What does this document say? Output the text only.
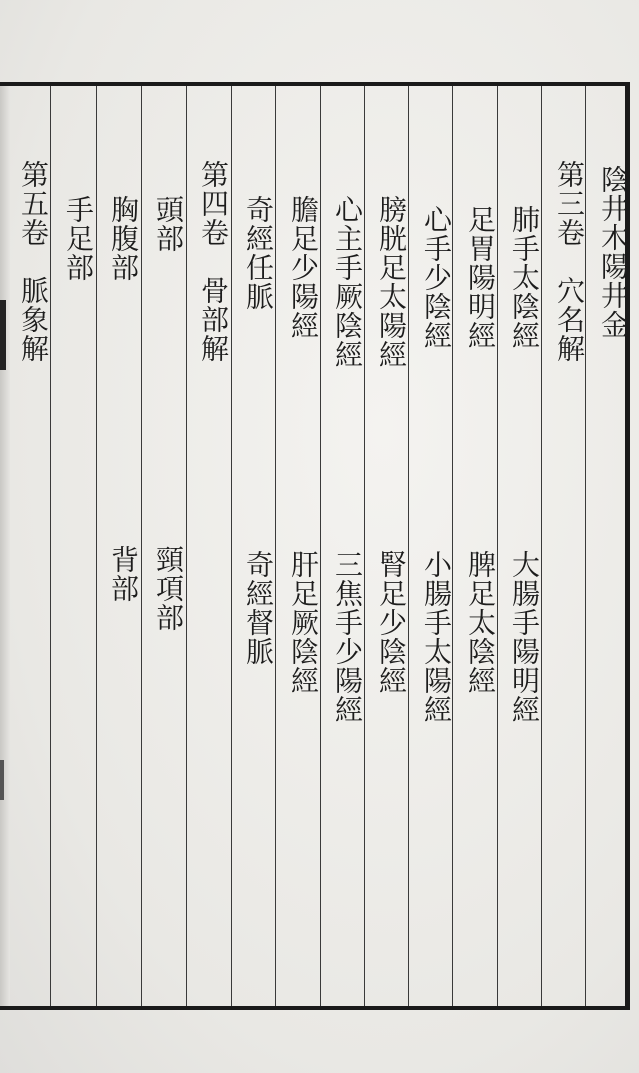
陰井木陽井金
第三卷　穴名解
肺手太陰經
大腸手陽明經
足胃陽明經
脾足太陰經
心手少陰經
小腸手太陽經
膀胱足太陽經
腎足少陰經
心主手厥陰經
三焦手少陽經
膽足少陽經
肝足厥陰經
奇經任脈
奇經督脈
第四卷　骨部解
頭部
頸項部
胸腹部
背部
手足部
第五卷　脈象解
